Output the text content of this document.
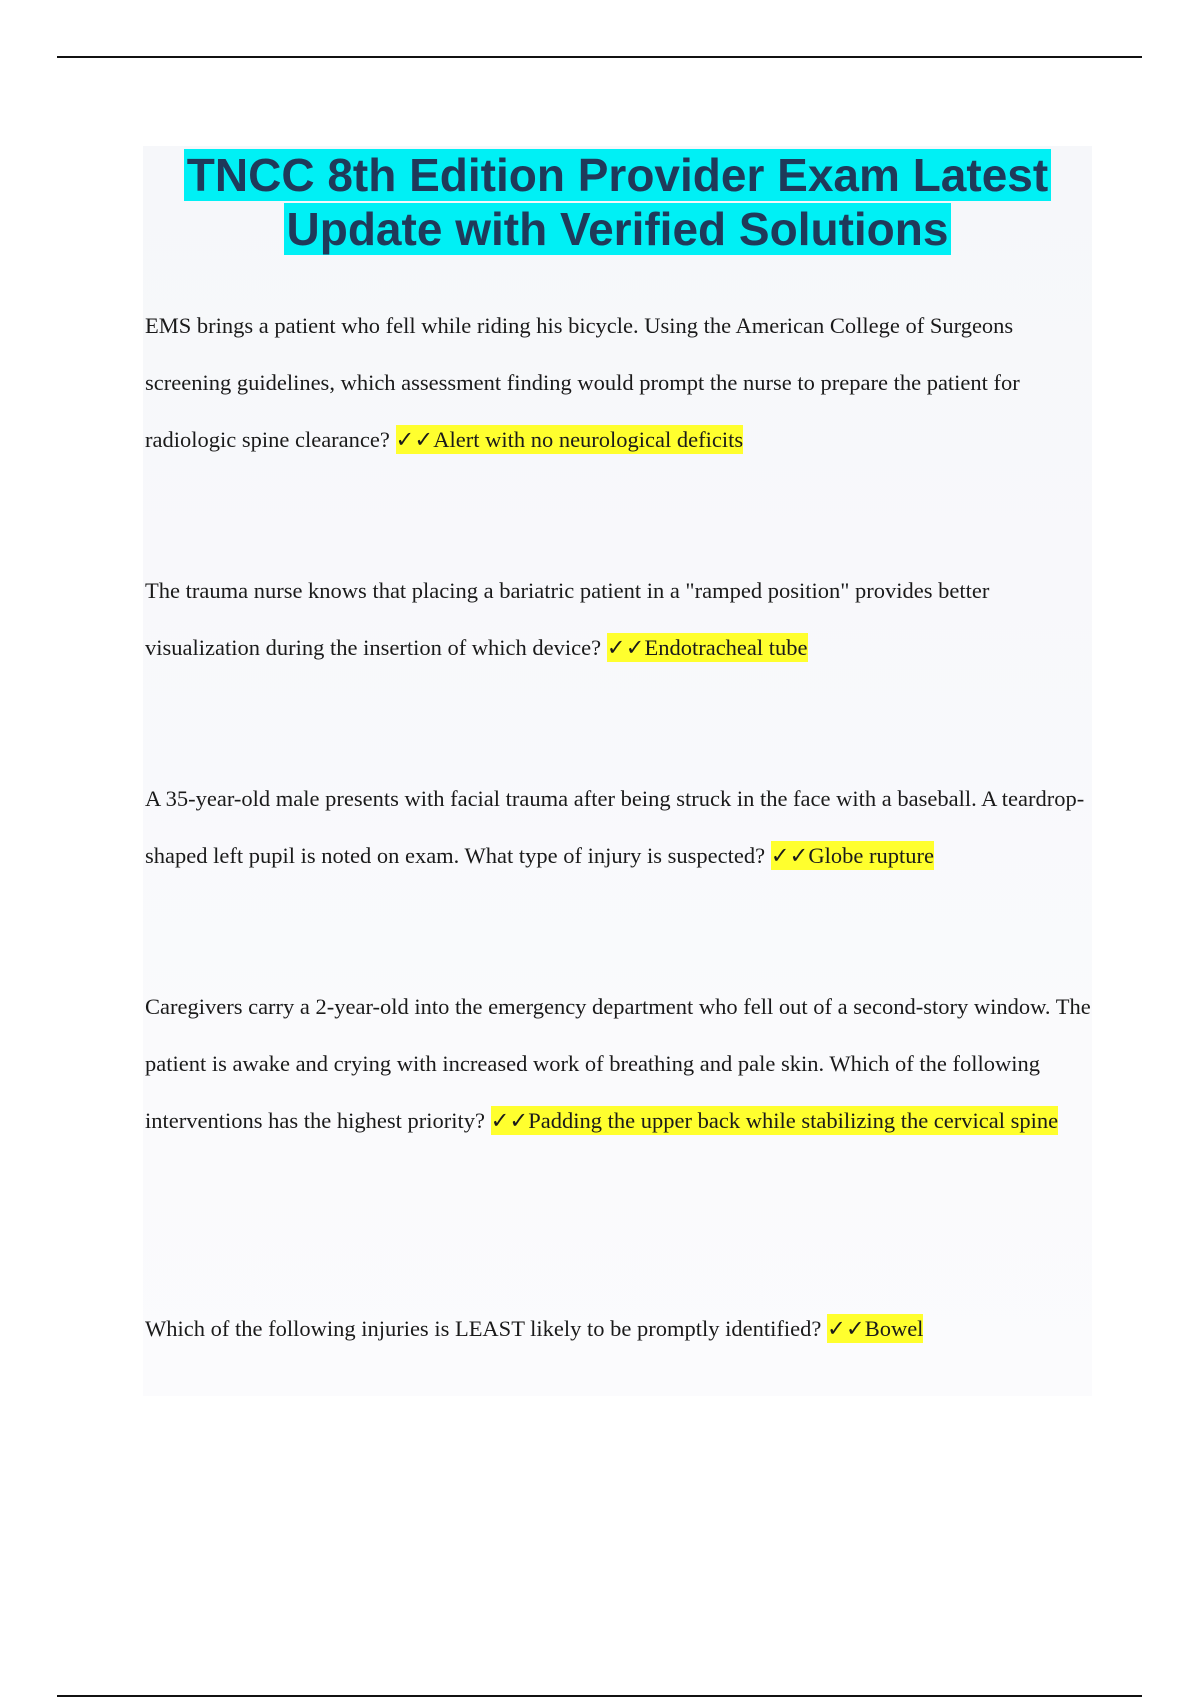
TNCC 8th Edition Provider Exam Latest
Update with Verified Solutions

EMS brings a patient who fell while riding his bicycle. Using the American College of Surgeons screening guidelines, which assessment finding would prompt the nurse to prepare the patient for radiologic spine clearance? ✓✓Alert with no neurological deficits

The trauma nurse knows that placing a bariatric patient in a "ramped position" provides better visualization during the insertion of which device? ✓✓Endotracheal tube

A 35-year-old male presents with facial trauma after being struck in the face with a baseball. A teardrop-shaped left pupil is noted on exam. What type of injury is suspected? ✓✓Globe rupture

Caregivers carry a 2-year-old into the emergency department who fell out of a second-story window. The patient is awake and crying with increased work of breathing and pale skin. Which of the following interventions has the highest priority? ✓✓Padding the upper back while stabilizing the cervical spine

Which of the following injuries is LEAST likely to be promptly identified? ✓✓Bowel
